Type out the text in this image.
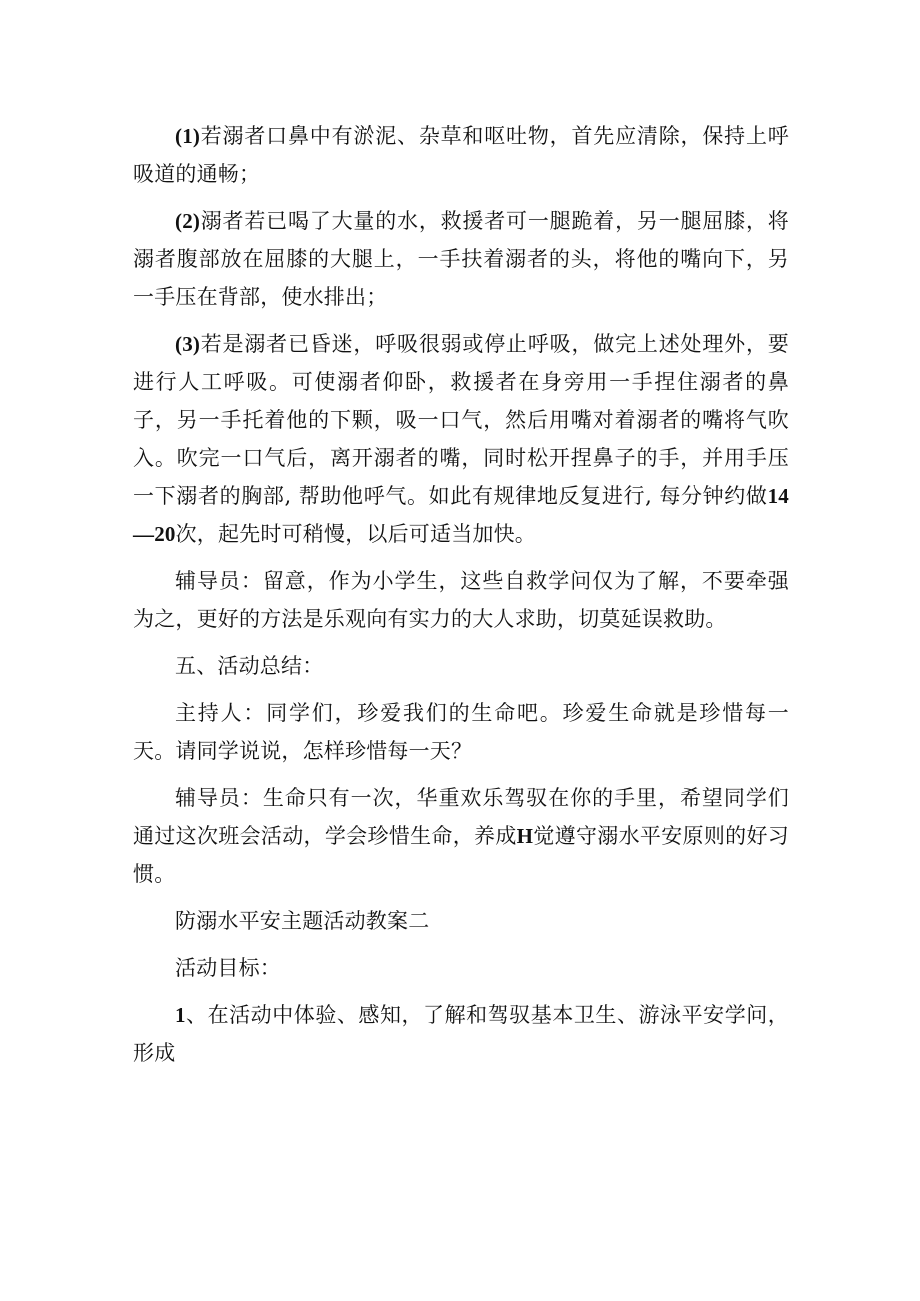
(1)若溺者口鼻中有淤泥、杂草和呕吐物，首先应清除，保持上呼吸道的通畅；

(2)溺者若已喝了大量的水，救援者可一腿跪着，另一腿屈膝，将溺者腹部放在屈膝的大腿上，一手扶着溺者的头，将他的嘴向下，另一手压在背部，使水排出；

(3)若是溺者已昏迷，呼吸很弱或停止呼吸，做完上述处理外，要进行人工呼吸。可使溺者仰卧，救援者在身旁用一手捏住溺者的鼻子，另一手托着他的下颗，吸一口气，然后用嘴对着溺者的嘴将气吹入。吹完一口气后，离开溺者的嘴，同时松开捏鼻子的手，并用手压一下溺者的胸部, 帮助他呼气。如此有规律地反复进行, 每分钟约做14—20次，起先时可稍慢，以后可适当加快。

辅导员：留意，作为小学生，这些自救学问仅为了解，不要牵强为之，更好的方法是乐观向有实力的大人求助，切莫延误救助。

五、活动总结：

主持人：同学们，珍爱我们的生命吧。珍爱生命就是珍惜每一天。请同学说说，怎样珍惜每一天？

辅导员：生命只有一次，华重欢乐驾驭在你的手里，希望同学们通过这次班会活动，学会珍惜生命，养成H觉遵守溺水平安原则的好习惯。

防溺水平安主题活动教案二

活动目标：

1、在活动中体验、感知，了解和驾驭基本卫生、游泳平安学问，形成
